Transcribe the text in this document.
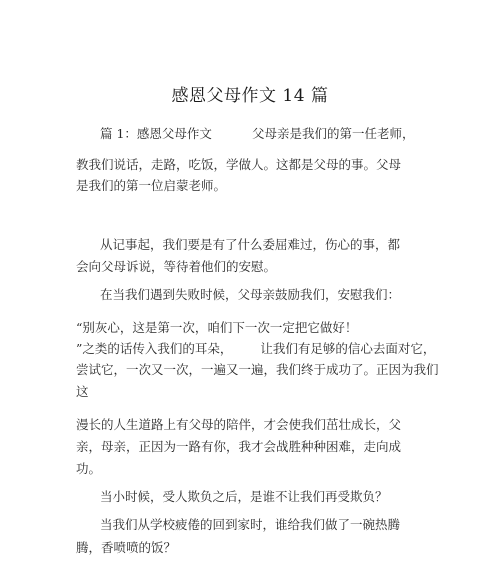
感恩父母作文 14 篇
篇 1：感恩父母作文	父母亲是我们的第一任老师，
教我们说话，走路，吃饭，学做人。这都是父母的事。父母
是我们的第一位启蒙老师。
从记事起，我们要是有了什么委屈难过，伤心的事，都
会向父母诉说，等待着他们的安慰。
在当我们遇到失败时候，父母亲鼓励我们，安慰我们：
“别灰心，这是第一次，咱们下一次一定把它做好！
”之类的话传入我们的耳朵， 让我们有足够的信心去面对它，
尝试它，一次又一次，一遍又一遍，我们终于成功了。正因为我们
这
漫长的人生道路上有父母的陪伴，才会使我们茁壮成长，父
亲，母亲，正因为一路有你，我才会战胜种种困难，走向成
功。
当小时候，受人欺负之后，是谁不让我们再受欺负？
当我们从学校疲倦的回到家时，谁给我们做了一碗热腾
腾，香喷喷的饭？
